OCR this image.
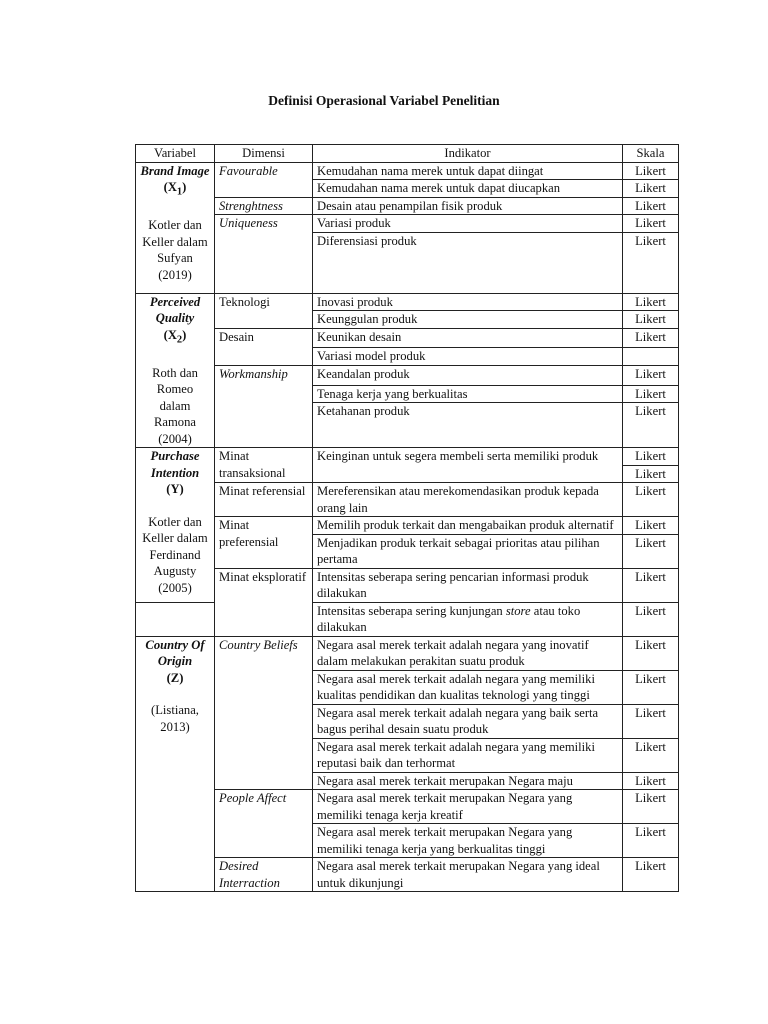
Definisi Operasional Variabel Penelitian
Variabel	Dimensi	Indikator	Skala

Brand Image
$(X_1)$
Kotler dan Keller dalam Sufyan (2019)	Favourable	Kemudahan nama merek untuk dapat diingat	Likert
		Kemudahan nama merek untuk dapat diucapkan	Likert
	Strenghtness	Desain atau penampilan fisik produk	Likert
	Uniqueness	Variasi produk	Likert
		Diferensiasi produk	Likert

Perceived Quality
$(X_2)$
Roth dan Romeo dalam Ramona (2004)	Teknologi	Inovasi produk	Likert
		Keunggulan produk	Likert
	Desain	Keunikan desain	Likert
		Variasi model produk	
	Workmanship	Keandalan produk	Likert
		Tenaga kerja yang berkualitas	Likert
		Ketahanan produk	Likert

Purchase Intention
(Y)
Kotler dan Keller dalam Ferdinand Augusty (2005)	Minat transaksional	Keinginan untuk segera membeli serta memiliki produk	Likert
			Likert
	Minat referensial	Mereferensikan atau merekomendasikan produk kepada orang lain	Likert
	Minat preferensial	Memilih produk terkait dan mengabaikan produk alternatif	Likert
		Menjadikan produk terkait sebagai prioritas atau pilihan pertama	Likert
	Minat eksploratif	Intensitas seberapa sering pencarian informasi produk dilakukan	Likert
		Intensitas seberapa sering kunjungan store atau toko dilakukan	Likert

Country Of Origin
(Z)
(Listiana, 2013)	Country Beliefs	Negara asal merek terkait adalah negara yang inovatif dalam melakukan perakitan suatu produk	Likert
		Negara asal merek terkait adalah negara yang memiliki kualitas pendidikan dan kualitas teknologi yang tinggi	Likert
		Negara asal merek terkait adalah negara yang baik serta bagus perihal desain suatu produk	Likert
		Negara asal merek terkait adalah negara yang memiliki reputasi baik dan terhormat	Likert
		Negara asal merek terkait merupakan Negara maju	Likert
	People Affect	Negara asal merek terkait merupakan Negara yang memiliki tenaga kerja kreatif	Likert
		Negara asal merek terkait merupakan Negara yang memiliki tenaga kerja yang berkualitas tinggi	Likert
	Desired Interraction	Negara asal merek terkait merupakan Negara yang ideal untuk dikunjungi	Likert
